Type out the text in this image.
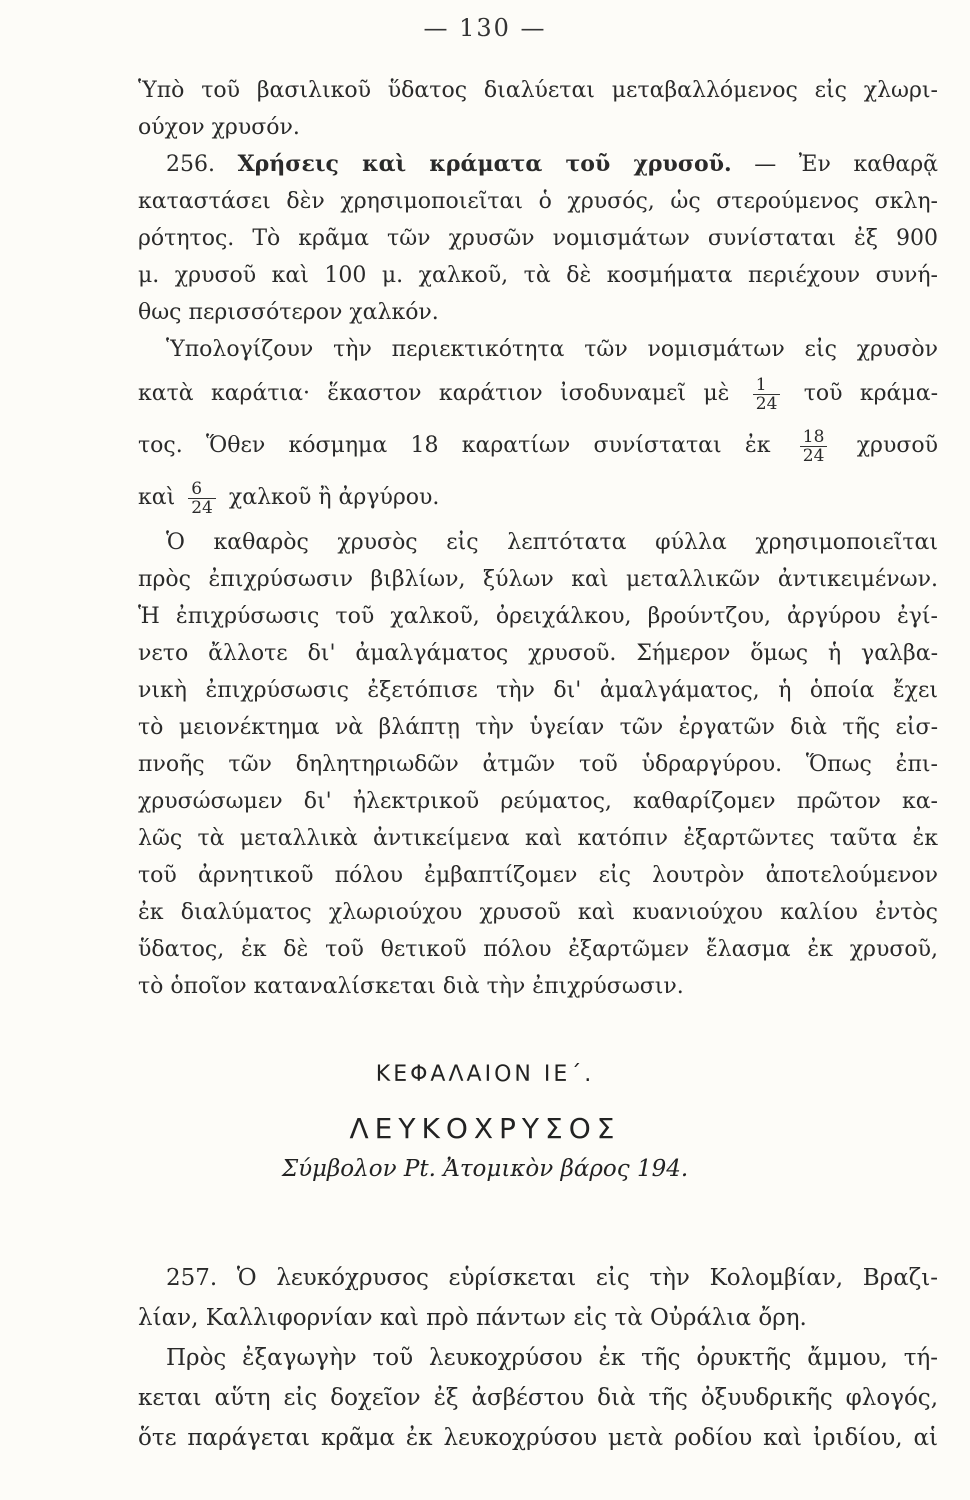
— 130 —
Ὑπὸ τοῦ βασιλικοῦ ὕδατος διαλύεται μεταβαλλόμενος εἰς χλωρι-
ούχον χρυσόν.
256. Χρήσεις καὶ κράματα τοῦ χρυσοῦ. — Ἐν καθαρᾷ
καταστάσει δὲν χρησιμοποιεῖται ὁ χρυσός, ὡς στερούμενος σκλη-
ρότητος. Τὸ κρᾶμα τῶν χρυσῶν νομισμάτων συνίσταται ἐξ 900
μ. χρυσοῦ καὶ 100 μ. χαλκοῦ, τὰ δὲ κοσμήματα περιέχουν συνή-
θως περισσότερον χαλκόν.
Ὑπολογίζουν τὴν περιεκτικότητα τῶν νομισμάτων εἰς χρυσὸν
κατὰ καράτια· ἕκαστον καράτιον ἰσοδυναμεῖ μὲ $\frac{1}{24}$ τοῦ κράμα-
τος. Ὅθεν κόσμημα 18 καρατίων συνίσταται ἐκ $\frac{18}{24}$ χρυσοῦ
καὶ $\frac{6}{24}$ χαλκοῦ ἢ ἀργύρου.
Ὁ καθαρὸς χρυσὸς εἰς λεπτότατα φύλλα χρησιμοποιεῖται
πρὸς ἐπιχρύσωσιν βιβλίων, ξύλων καὶ μεταλλικῶν ἀντικειμένων.
Ἡ ἐπιχρύσωσις τοῦ χαλκοῦ, ὀρειχάλκου, βρούντζου, ἀργύρου ἐγί-
νετο ἄλλοτε δι' ἀμαλγάματος χρυσοῦ. Σήμερον ὅμως ἡ γαλβα-
νικὴ ἐπιχρύσωσις ἐξετόπισε τὴν δι' ἀμαλγάματος, ἡ ὁποία ἔχει
τὸ μειονέκτημα νὰ βλάπτῃ τὴν ὑγείαν τῶν ἐργατῶν διὰ τῆς εἰσ-
πνοῆς τῶν δηλητηριωδῶν ἀτμῶν τοῦ ὑδραργύρου. Ὅπως ἐπι-
χρυσώσωμεν δι' ἠλεκτρικοῦ ρεύματος, καθαρίζομεν πρῶτον κα-
λῶς τὰ μεταλλικὰ ἀντικείμενα καὶ κατόπιν ἐξαρτῶντες ταῦτα ἐκ
τοῦ ἀρνητικοῦ πόλου ἐμβαπτίζομεν εἰς λουτρὸν ἀποτελούμενον
ἐκ διαλύματος χλωριούχου χρυσοῦ καὶ κυανιούχου καλίου ἐντὸς
ὕδατος, ἐκ δὲ τοῦ θετικοῦ πόλου ἐξαρτῶμεν ἔλασμα ἐκ χρυσοῦ,
τὸ ὁποῖον καταναλίσκεται διὰ τὴν ἐπιχρύσωσιν.
ΚΕΦΑΛΑΙΟΝ ΙΕ΄.
ΛΕΥΚΟΧΡΥΣΟΣ
Σύμβολον Pt. Ἀτομικὸν βάρος 194.
257. Ὁ λευκόχρυσος εὑρίσκεται εἰς τὴν Κολομβίαν, Βραζι-
λίαν, Καλλιφορνίαν καὶ πρὸ πάντων εἰς τὰ Οὐράλια ὄρη.
Πρὸς ἐξαγωγὴν τοῦ λευκοχρύσου ἐκ τῆς ὀρυκτῆς ἄμμου, τή-
κεται αὕτη εἰς δοχεῖον ἐξ ἀσβέστου διὰ τῆς ὀξυυδρικῆς φλογός,
ὅτε παράγεται κρᾶμα ἐκ λευκοχρύσου μετὰ ροδίου καὶ ἰριδίου, αἱ
